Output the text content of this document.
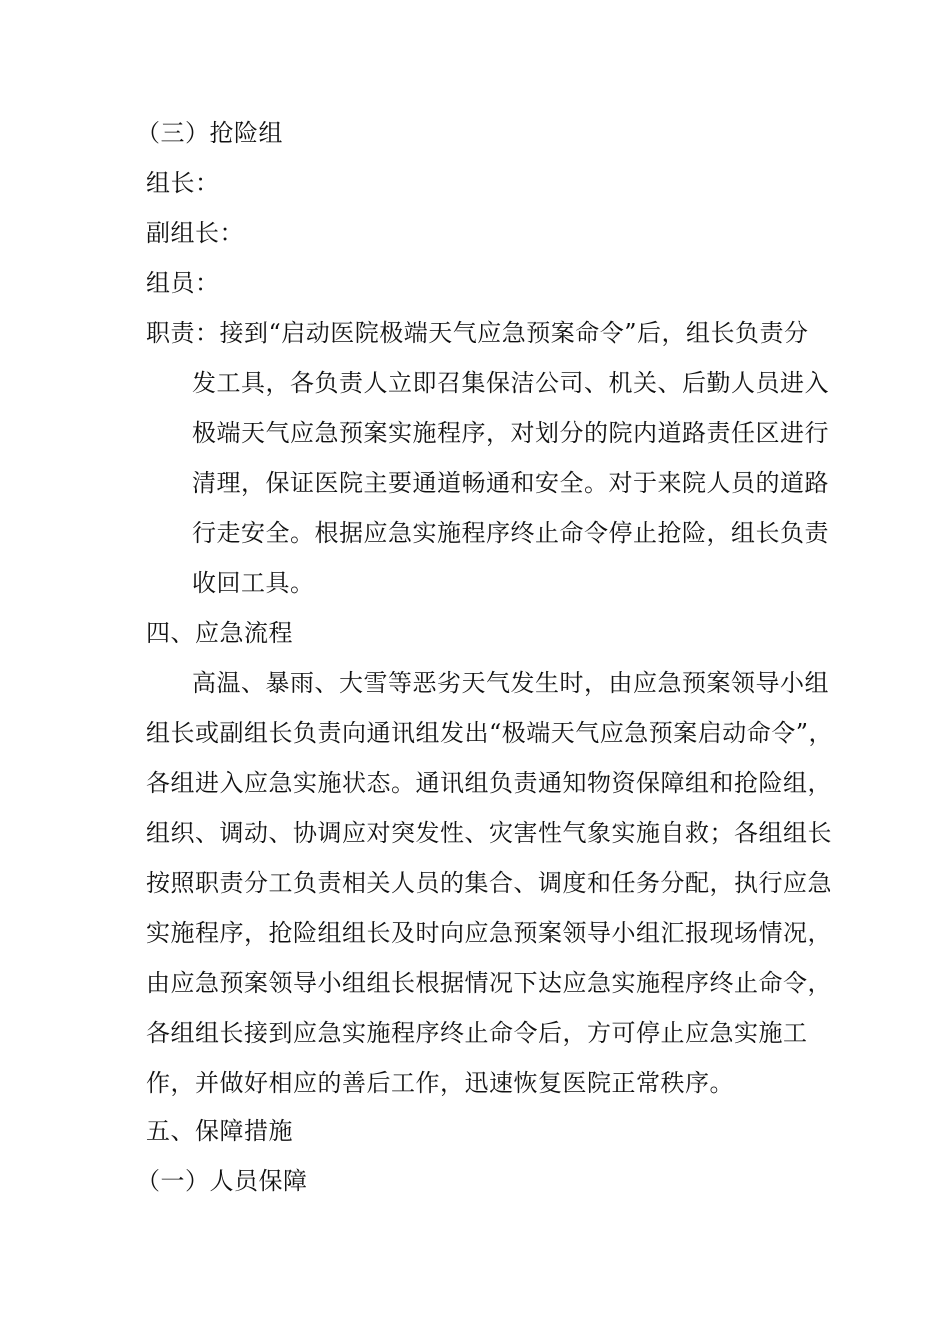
（三）抢险组
组长：
副组长：
组员：
职责：接到“启动医院极端天气应急预案命令”后，组长负责分
发工具，各负责人立即召集保洁公司、机关、后勤人员进入
极端天气应急预案实施程序，对划分的院内道路责任区进行
清理，保证医院主要通道畅通和安全。对于来院人员的道路
行走安全。根据应急实施程序终止命令停止抢险，组长负责
收回工具。
四、应急流程
高温、暴雨、大雪等恶劣天气发生时，由应急预案领导小组
组长或副组长负责向通讯组发出“极端天气应急预案启动命令”，
各组进入应急实施状态。通讯组负责通知物资保障组和抢险组，
组织、调动、协调应对突发性、灾害性气象实施自救；各组组长
按照职责分工负责相关人员的集合、调度和任务分配，执行应急
实施程序，抢险组组长及时向应急预案领导小组汇报现场情况，
由应急预案领导小组组长根据情况下达应急实施程序终止命令，
各组组长接到应急实施程序终止命令后，方可停止应急实施工
作，并做好相应的善后工作，迅速恢复医院正常秩序。
五、保障措施
（一）人员保障
